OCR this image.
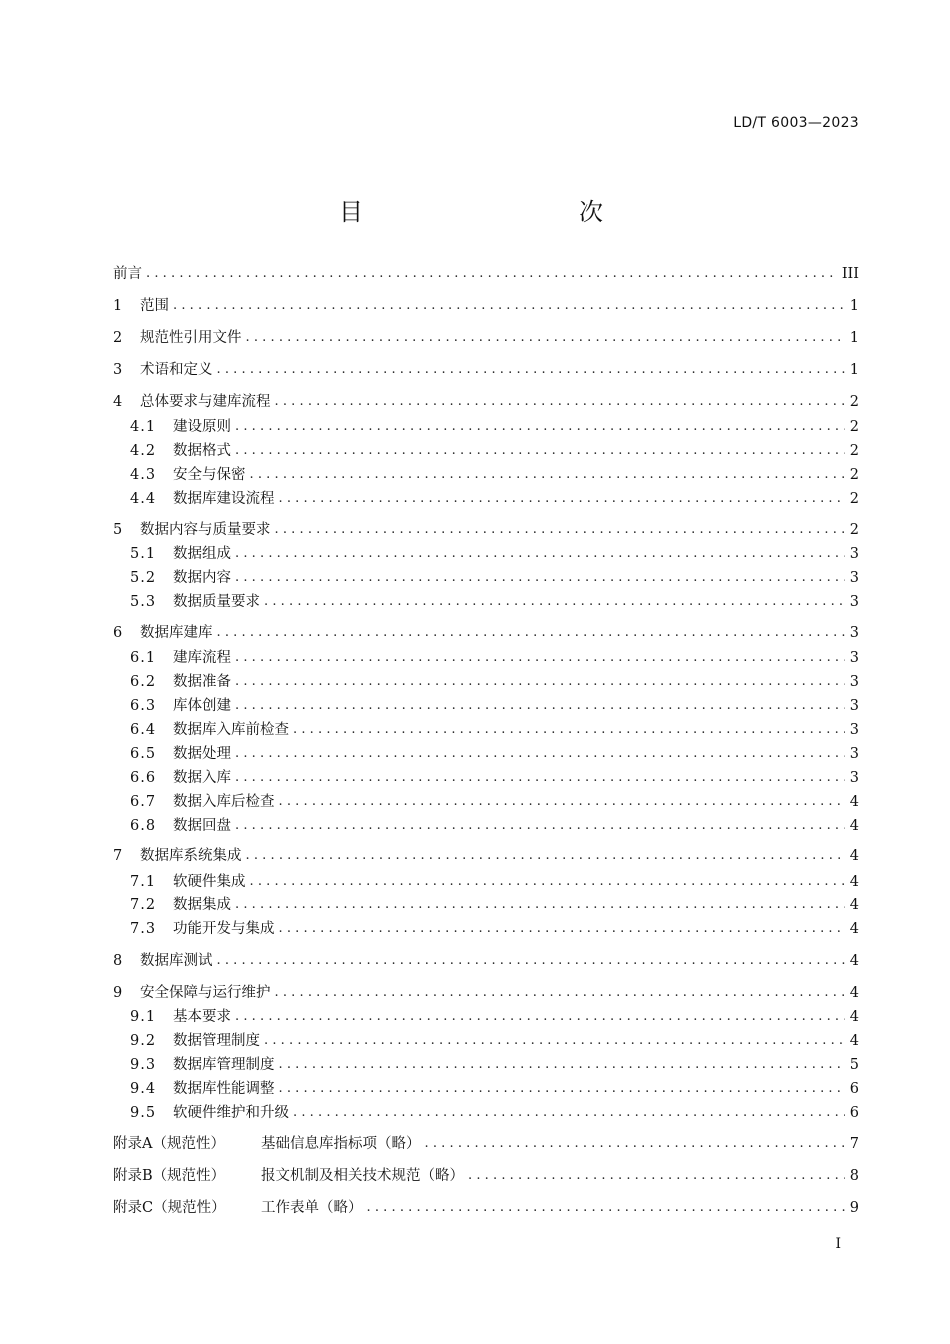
LD/T 6003—2023
目　　次
前言 .....	III
1	范围 .....	1
2	规范性引用文件 .....	1
3	术语和定义 .....	1
4	总体要求与建库流程 .....	2
4.1	建设原则 .....	2
4.2	数据格式 .....	2
4.3	安全与保密 .....	2
4.4	数据库建设流程 .....	2
5	数据内容与质量要求 .....	2
5.1	数据组成 .....	3
5.2	数据内容 .....	3
5.3	数据质量要求 .....	3
6	数据库建库 .....	3
6.1	建库流程 .....	3
6.2	数据准备 .....	3
6.3	库体创建 .....	3
6.4	数据库入库前检查 .....	3
6.5	数据处理 .....	3
6.6	数据入库 .....	3
6.7	数据入库后检查 .....	4
6.8	数据回盘 .....	4
7	数据库系统集成 .....	4
7.1	软硬件集成 .....	4
7.2	数据集成 .....	4
7.3	功能开发与集成 .....	4
8	数据库测试 .....	4
9	安全保障与运行维护 .....	4
9.1	基本要求 .....	4
9.2	数据管理制度 .....	4
9.3	数据库管理制度 .....	5
9.4	数据库性能调整 .....	6
9.5	软硬件维护和升级 .....	6
附录A（规范性）	基础信息库指标项（略） .....	7
附录B（规范性）	报文机制及相关技术规范（略） .....	8
附录C（规范性）	工作表单（略） .....	9
I
